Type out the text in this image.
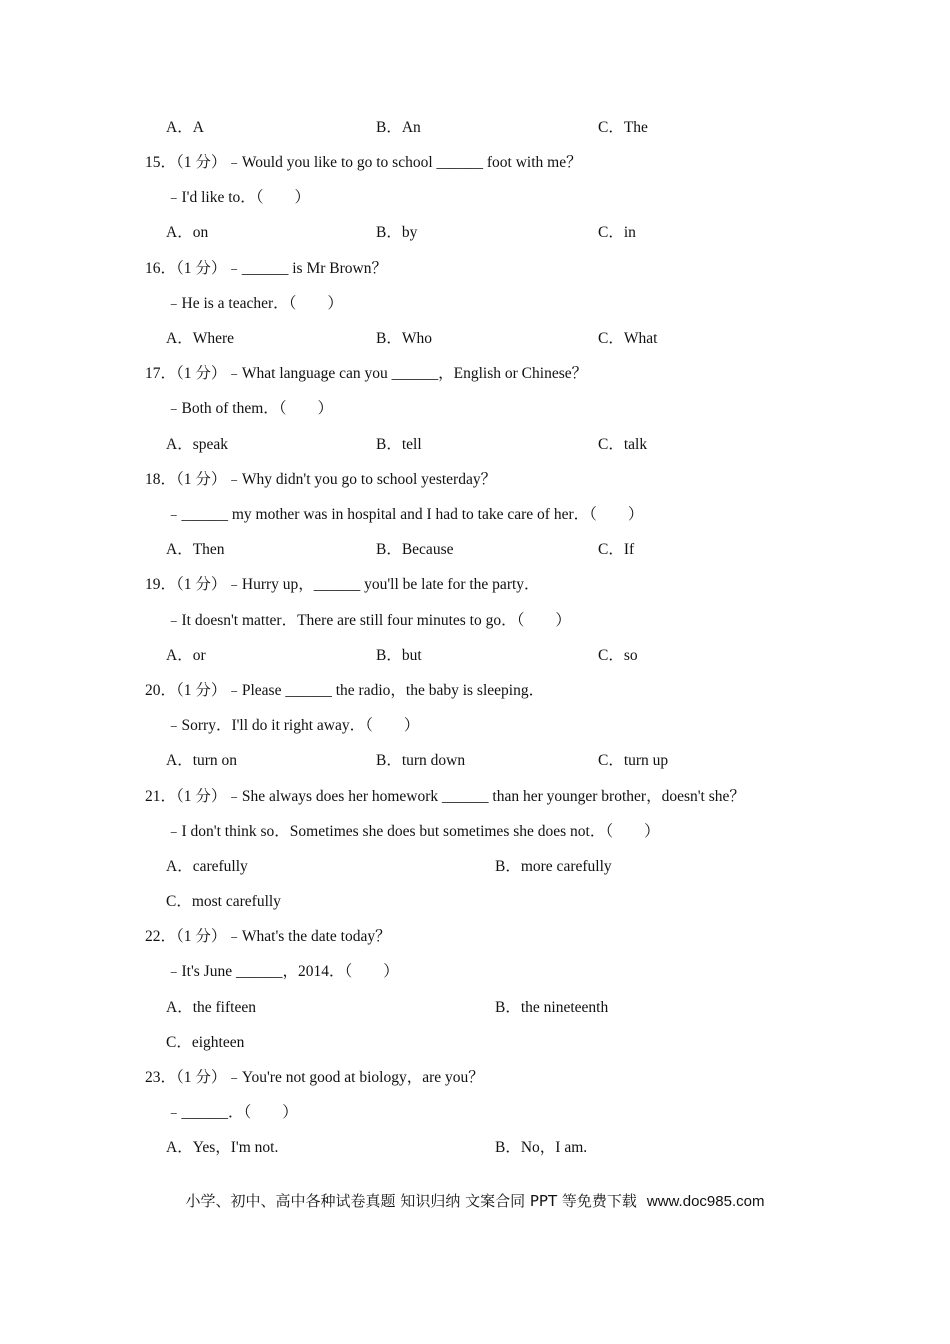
A．A	B．An	C．The
15．（1 分）﹣Would you like to go to school ______ foot with me？
﹣I'd like to．（　　）
A．on	B．by	C．in
16．（1 分）﹣______ is Mr Brown？
﹣He is a teacher．（　　）
A．Where	B．Who	C．What
17．（1 分）﹣What language can you ______，English or Chinese？
﹣Both of them．（　　）
A．speak	B．tell	C．talk
18．（1 分）﹣Why didn't you go to school yesterday？
﹣______ my mother was in hospital and I had to take care of her．（　　）
A．Then	B．Because	C．If
19．（1 分）﹣Hurry up，______ you'll be late for the party．
﹣It doesn't matter．There are still four minutes to go．（　　）
A．or	B．but	C．so
20．（1 分）﹣Please ______ the radio，the baby is sleeping．
﹣Sorry．I'll do it right away．（　　）
A．turn on	B．turn down	C．turn up
21．（1 分）﹣She always does her homework ______ than her younger brother，doesn't she？
﹣I don't think so．Sometimes she does but sometimes she does not．（　　）
A．carefully	B．more carefully
C．most carefully
22．（1 分）﹣What's the date today？
﹣It's June ______，2014．（　　）
A．the fifteen	B．the nineteenth
C．eighteen
23．（1 分）﹣You're not good at biology，are you？
﹣______．（　　）
A．Yes，I'm not.	B．No，I am.
小学、初中、高中各种试卷真题 知识归纳 文案合同 PPT 等免费下载 www.doc985.com
